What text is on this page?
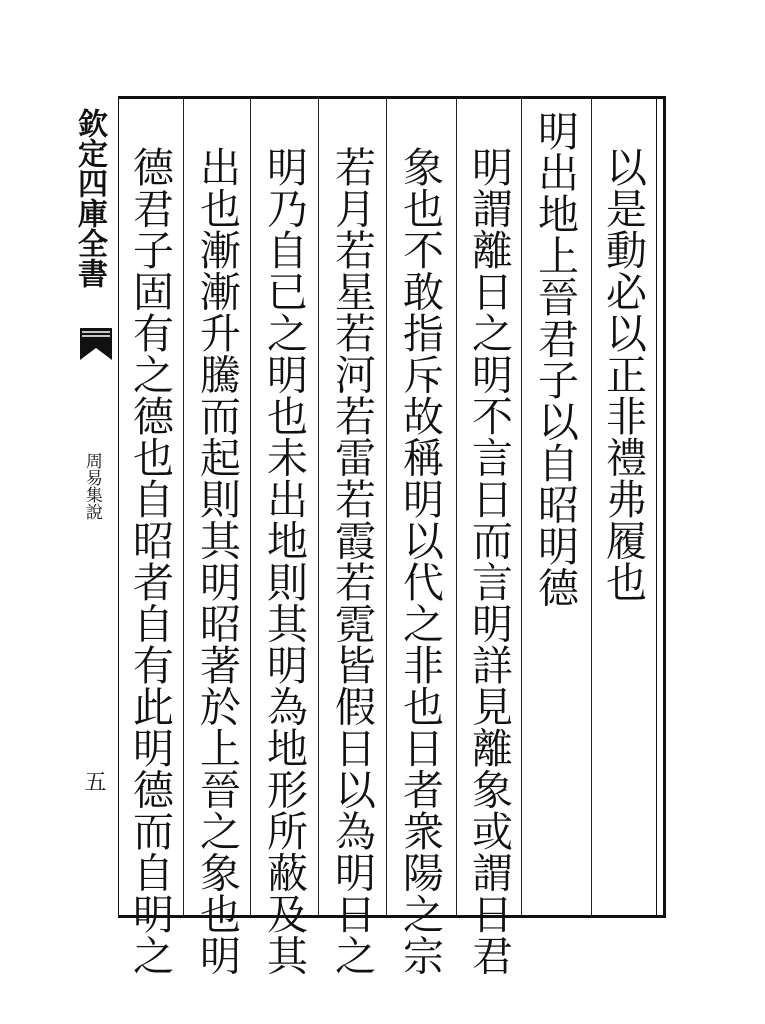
以是動必以正非禮弗履也
明出地上晉君子以自昭明德
明謂離日之明不言日而言明詳見離象或謂日君
象也不敢指斥故稱明以代之非也日者衆陽之宗
若月若星若河若雷若霞若霓皆假日以為明日之
明乃自已之明也未出地則其明為地形所蔽及其
出也漸漸升騰而起則其明昭著於上晉之象也明
德君子固有之德也自昭者自有此明德而自明之
欽定四庫全書
周易集說
五
